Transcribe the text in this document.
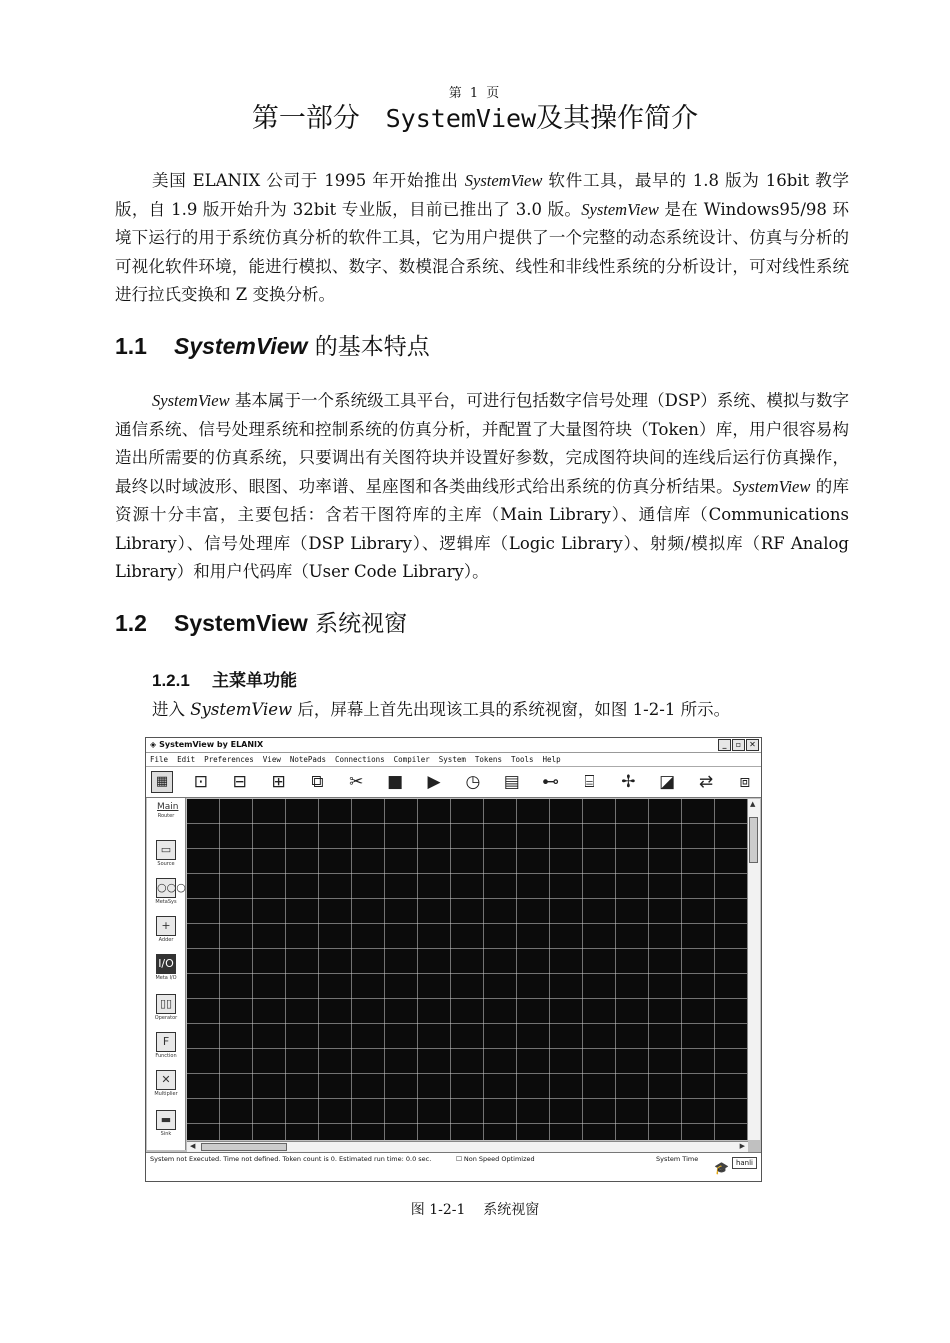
第 1 页
第一部分 SystemView及其操作简介

美国 ELANIX 公司于 1995 年开始推出 SystemView 软件工具，最早的 1.8 版为 16bit 教学版，自 1.9 版开始升为 32bit 专业版，目前已推出了 3.0 版。SystemView 是在 Windows95/98 环境下运行的用于系统仿真分析的软件工具，它为用户提供了一个完整的动态系统设计、仿真与分析的可视化软件环境，能进行模拟、数字、数模混合系统、线性和非线性系统的分析设计，可对线性系统进行拉氏变换和 Z 变换分析。

1.1 SystemView 的基本特点

SystemView 基本属于一个系统级工具平台，可进行包括数字信号处理（DSP）系统、模拟与数字通信系统、信号处理系统和控制系统的仿真分析，并配置了大量图符块（Token）库，用户很容易构造出所需要的仿真系统，只要调出有关图符块并设置好参数，完成图符块间的连线后运行仿真操作，最终以时域波形、眼图、功率谱、星座图和各类曲线形式给出系统的仿真分析结果。SystemView 的库资源十分丰富，主要包括：含若干图符库的主库（Main Library）、通信库（Communications Library）、信号处理库（DSP Library）、逻辑库（Logic Library）、射频/模拟库（RF Analog Library）和用户代码库（User Code Library）。

1.2 SystemView 系统视窗
1.2.1 主菜单功能

进入 SystemView 后，屏幕上首先出现该工具的系统视窗，如图 1-2-1 所示。

◈ SystemView by ELANIX	_	▫ ✕
File Edit Preferences View NotePads Connections Compiler System Tokens Tools Help
▦ ⊡ ⊟ ⊞ ⧉ ✂ ■ ▶ ◷ ▤ ⊷	⌸	✢ ◪ ⇄	⧈
Main
Router
▭
Source
○○○
MetaSys
+
Adder
I/O
Meta I/O
▯▯
Operator
F
Function
✕
Multiplier
▬
Sink
▲
◀	▶
System not Executed. Time not defined. Token count is 0. Estimated run time: 0.0 sec.	☐ Non Speed Optimized	System Time
🎓 hanli
图 1-2-1 系统视窗
